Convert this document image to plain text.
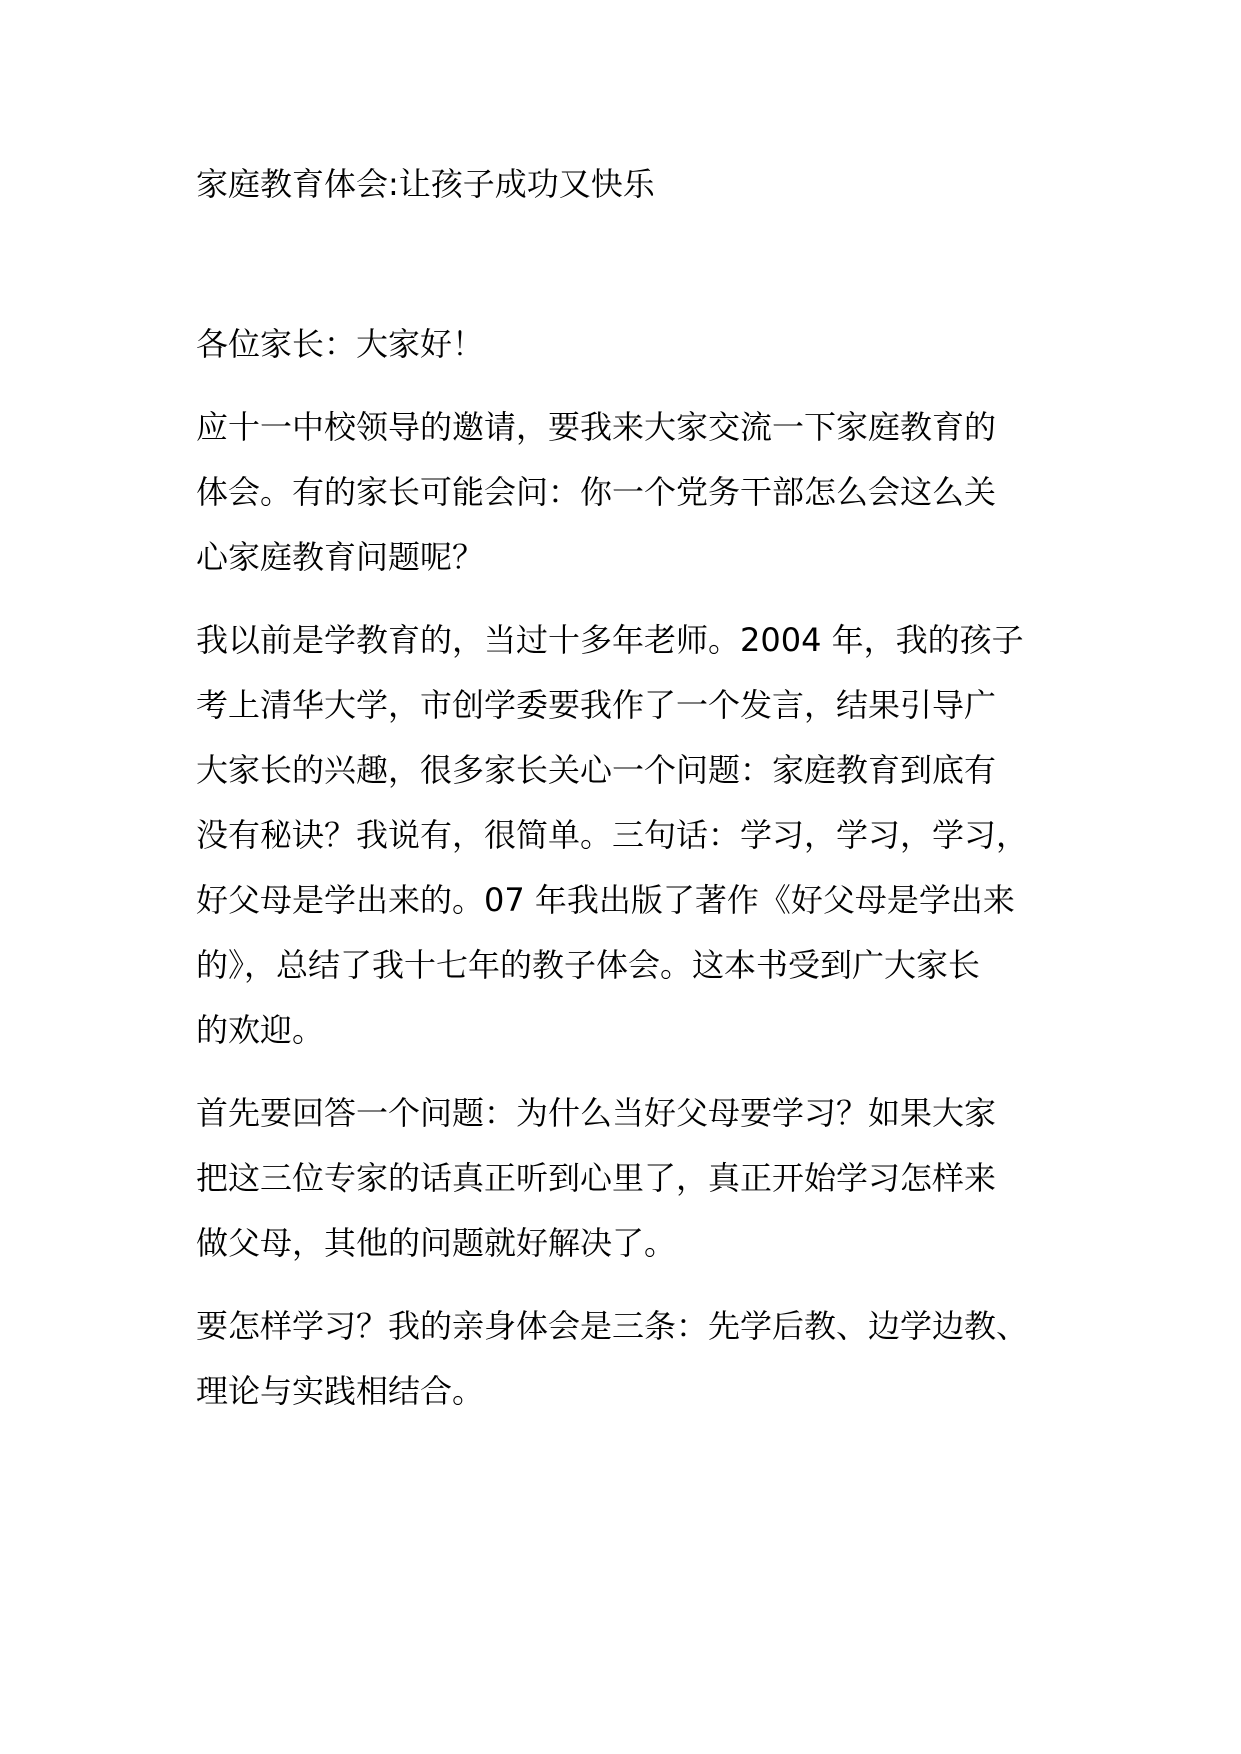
家庭教育体会:让孩子成功又快乐

各位家长：大家好！

应十一中校领导的邀请，要我来大家交流一下家庭教育的
体会。有的家长可能会问：你一个党务干部怎么会这么关
心家庭教育问题呢？

我以前是学教育的，当过十多年老师。2004 年，我的孩子
考上清华大学，市创学委要我作了一个发言，结果引导广
大家长的兴趣，很多家长关心一个问题：家庭教育到底有
没有秘诀？我说有，很简单。三句话：学习，学习，学习，
好父母是学出来的。07 年我出版了著作《好父母是学出来
的》，总结了我十七年的教子体会。这本书受到广大家长
的欢迎。

首先要回答一个问题：为什么当好父母要学习？如果大家
把这三位专家的话真正听到心里了，真正开始学习怎样来
做父母，其他的问题就好解决了。

要怎样学习？我的亲身体会是三条：先学后教、边学边教、
理论与实践相结合。
